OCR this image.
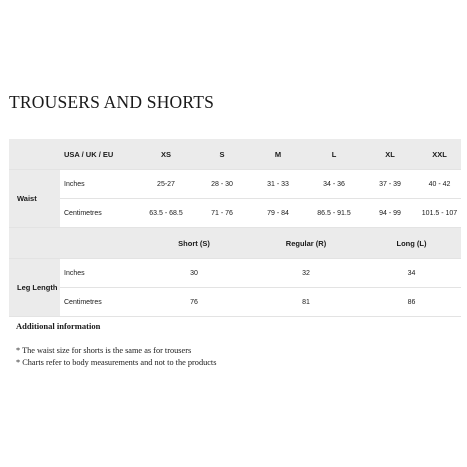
TROUSERS AND SHORTS
	USA / UK / EU	XS	S	M	L	XL	XXL
Waist	Inches	25-27	28 - 30	31 - 33	34 - 36	37 - 39	40 - 42
	Centimetres	63.5 - 68.5	71 - 76	79 - 84	86.5 - 91.5	94 - 99	101.5 - 107
		Short (S)		Regular (R)		Long (L)	
Leg Length	Inches	30		32		34	
	Centimetres	76		81		86	
Additional information
* The waist size for shorts is the same as for trousers
* Charts refer to body measurements and not to the products
